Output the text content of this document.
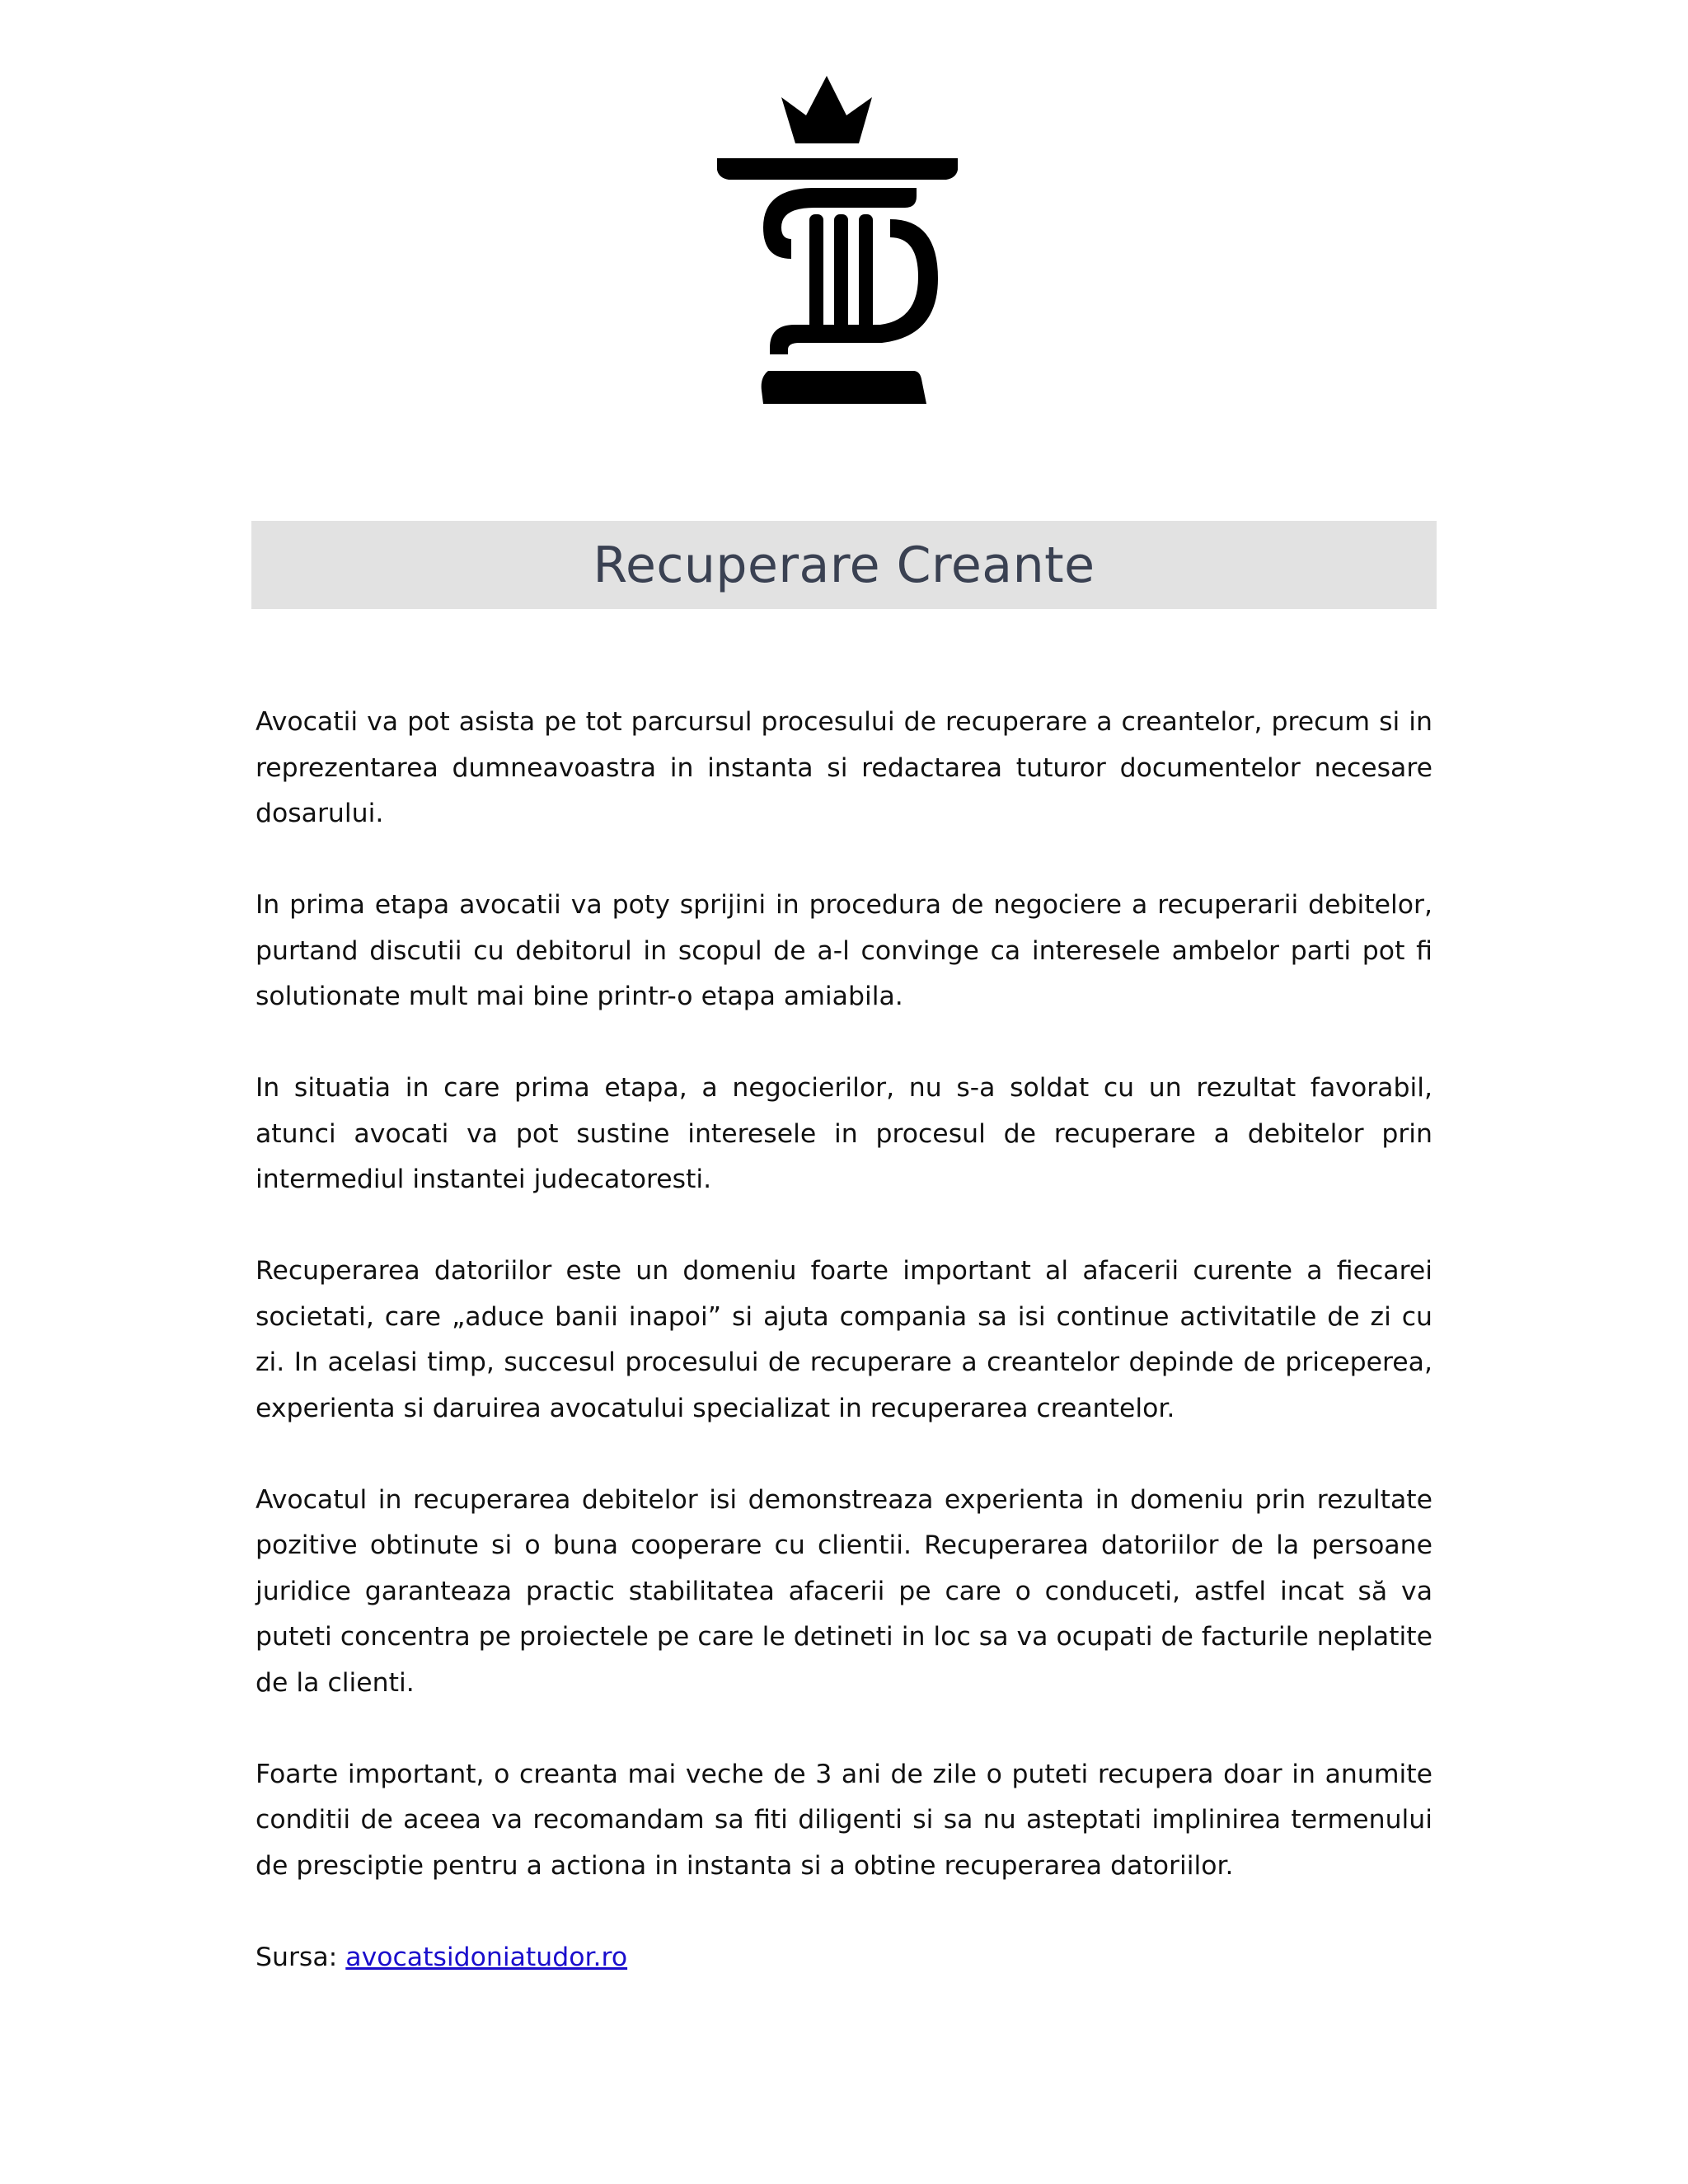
Recuperare Creante

Avocatii va pot asista pe tot parcursul procesului de recuperare a creantelor, precum si in reprezentarea dumneavoastra in instanta si redactarea tuturor documentelor necesare dosarului.

In prima etapa avocatii va poty sprijini in procedura de negociere a recuperarii debitelor, purtand discutii cu debitorul in scopul de a-l convinge ca interesele ambelor parti pot fi solutionate mult mai bine printr-o etapa amiabila.

In situatia in care prima etapa, a negocierilor, nu s-a soldat cu un rezultat favorabil, atunci avocati va pot sustine interesele in procesul de recuperare a debitelor prin intermediul instantei judecatoresti.

Recuperarea datoriilor este un domeniu foarte important al afacerii curente a fiecarei societati, care „aduce banii inapoi” si ajuta compania sa isi continue activitatile de zi cu zi. In acelasi timp, succesul procesului de recuperare a creantelor depinde de priceperea, experienta si daruirea avocatului specializat in recuperarea creantelor.

Avocatul in recuperarea debitelor isi demonstreaza experienta in domeniu prin rezultate pozitive obtinute si o buna cooperare cu clientii. Recuperarea datoriilor de la persoane juridice garanteaza practic stabilitatea afacerii pe care o conduceti, astfel incat să va puteti concentra pe proiectele pe care le detineti in loc sa va ocupati de facturile neplatite de la clienti.

Foarte important, o creanta mai veche de 3 ani de zile o puteti recupera doar in anumite conditii de aceea va recomandam sa fiti diligenti si sa nu asteptati implinirea termenului de presciptie pentru a actiona in instanta si a obtine recuperarea datoriilor.

Sursa: avocatsidoniatudor.ro
